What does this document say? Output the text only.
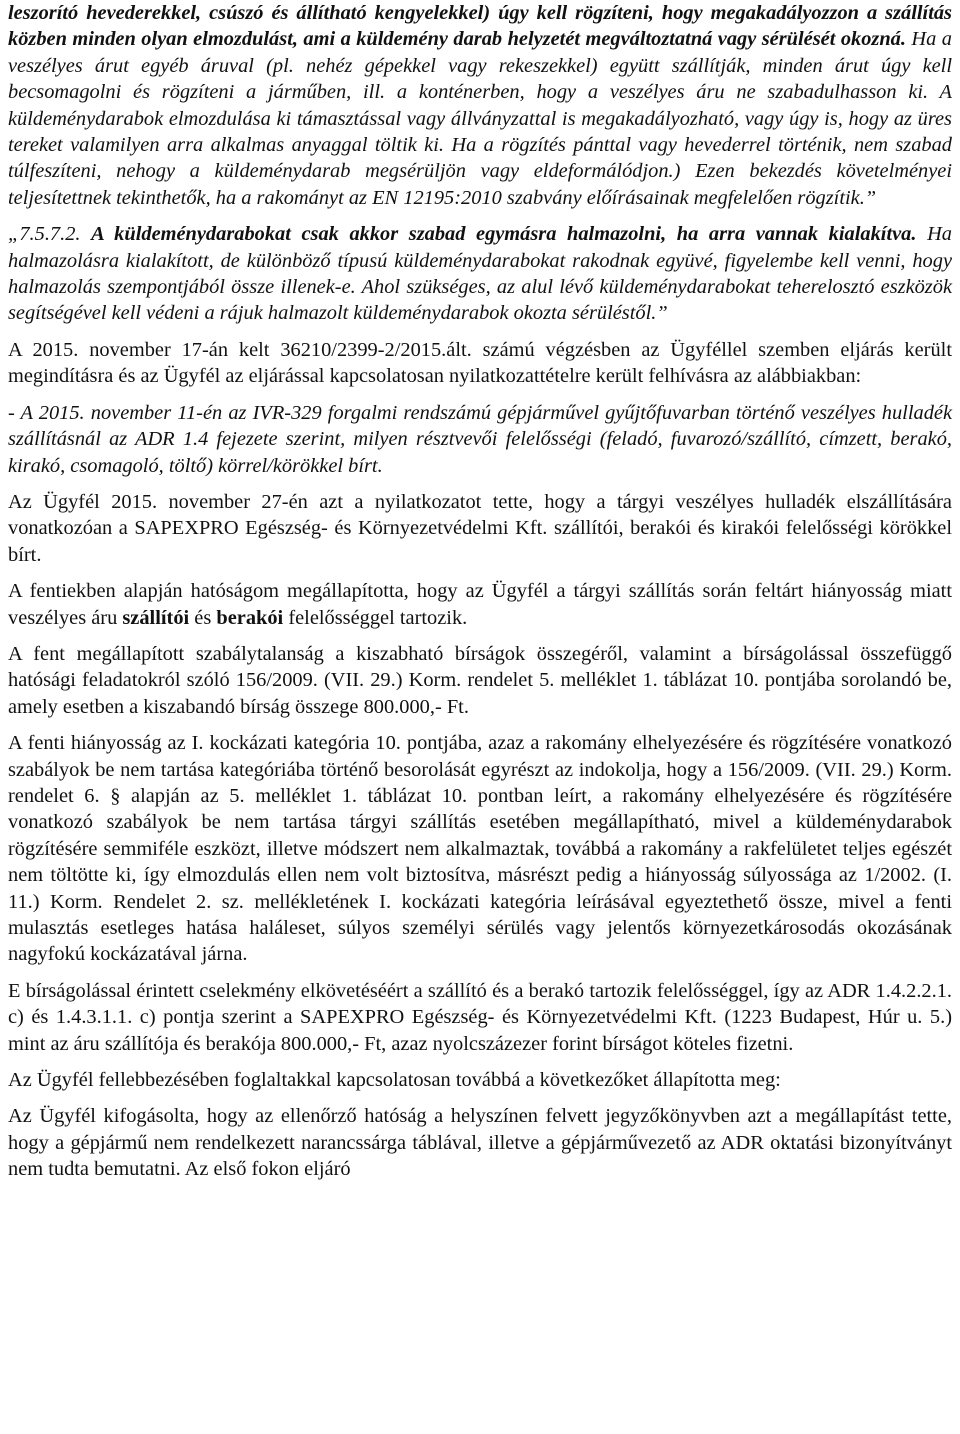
leszorító hevederekkel, csúszó és állítható kengyelekkel) úgy kell rögzíteni, hogy megakadályozzon a szállítás közben minden olyan elmozdulást, ami a küldemény darab helyzetét megváltoztatná vagy sérülését okozná. Ha a veszélyes árut egyéb áruval (pl. nehéz gépekkel vagy rekeszekkel) együtt szállítják, minden árut úgy kell becsomagolni és rögzíteni a járműben, ill. a konténerben, hogy a veszélyes áru ne szabadulhasson ki. A küldeménydarabok elmozdulása ki támasztással vagy állványzattal is megakadályozható, vagy úgy is, hogy az üres tereket valamilyen arra alkalmas anyaggal töltik ki. Ha a rögzítés pánttal vagy hevederrel történik, nem szabad túlfeszíteni, nehogy a küldeménydarab megsérüljön vagy eldeformálódjon.) Ezen bekezdés követelményei teljesítettnek tekinthetők, ha a rakományt az EN 12195:2010 szabvány előírásainak megfelelően rögzítik.”

„7.5.7.2. A küldeménydarabokat csak akkor szabad egymásra halmazolni, ha arra vannak kialakítva. Ha halmazolásra kialakított, de különböző típusú küldeménydarabokat rakodnak együvé, figyelembe kell venni, hogy halmazolás szempontjából össze illenek-e. Ahol szükséges, az alul lévő küldeménydarabokat teherelosztó eszközök segítségével kell védeni a rájuk halmazolt küldeménydarabok okozta sérüléstől.”

A 2015. november 17-án kelt 36210/2399-2/2015.ált. számú végzésben az Ügyféllel szemben eljárás került megindításra és az Ügyfél az eljárással kapcsolatosan nyilatkozattételre került felhívásra az alábbiakban:

- A 2015. november 11-én az IVR-329 forgalmi rendszámú gépjárművel gyűjtőfuvarban történő veszélyes hulladék szállításnál az ADR 1.4 fejezete szerint, milyen résztvevői felelősségi (feladó, fuvarozó/szállító, címzett, berakó, kirakó, csomagoló, töltő) körrel/körökkel bírt.

Az Ügyfél 2015. november 27-én azt a nyilatkozatot tette, hogy a tárgyi veszélyes hulladék elszállítására vonatkozóan a SAPEXPRO Egészség- és Környezetvédelmi Kft. szállítói, berakói és kirakói felelősségi körökkel bírt.

A fentiekben alapján hatóságom megállapította, hogy az Ügyfél a tárgyi szállítás során feltárt hiányosság miatt veszélyes áru szállítói és berakói felelősséggel tartozik.

A fent megállapított szabálytalanság a kiszabható bírságok összegéről, valamint a bírságolással összefüggő hatósági feladatokról szóló 156/2009. (VII. 29.) Korm. rendelet 5. melléklet 1. táblázat 10. pontjába sorolandó be, amely esetben a kiszabandó bírság összege 800.000,- Ft.

A fenti hiányosság az I. kockázati kategória 10. pontjába, azaz a rakomány elhelyezésére és rögzítésére vonatkozó szabályok be nem tartása kategóriába történő besorolását egyrészt az indokolja, hogy a 156/2009. (VII. 29.) Korm. rendelet 6. § alapján az 5. melléklet 1. táblázat 10. pontban leírt, a rakomány elhelyezésére és rögzítésére vonatkozó szabályok be nem tartása tárgyi szállítás esetében megállapítható, mivel a küldeménydarabok rögzítésére semmiféle eszközt, illetve módszert nem alkalmaztak, továbbá a rakomány a rakfelületet teljes egészét nem töltötte ki, így elmozdulás ellen nem volt biztosítva, másrészt pedig a hiányosság súlyossága az 1/2002. (I. 11.) Korm. Rendelet 2. sz. mellékletének I. kockázati kategória leírásával egyeztethető össze, mivel a fenti mulasztás esetleges hatása haláleset, súlyos személyi sérülés vagy jelentős környezetkárosodás okozásának nagyfokú kockázatával járna.

E bírságolással érintett cselekmény elkövetéséért a szállító és a berakó tartozik felelősséggel, így az ADR 1.4.2.2.1. c) és 1.4.3.1.1. c) pontja szerint a SAPEXPRO Egészség- és Környezetvédelmi Kft. (1223 Budapest, Húr u. 5.) mint az áru szállítója és berakója 800.000,- Ft, azaz nyolcszázezer forint bírságot köteles fizetni.

Az Ügyfél fellebbezésében foglaltakkal kapcsolatosan továbbá a következőket állapította meg:

Az Ügyfél kifogásolta, hogy az ellenőrző hatóság a helyszínen felvett jegyzőkönyvben azt a megállapítást tette, hogy a gépjármű nem rendelkezett narancssárga táblával, illetve a gépjárművezető az ADR oktatási bizonyítványt nem tudta bemutatni. Az első fokon eljáró
